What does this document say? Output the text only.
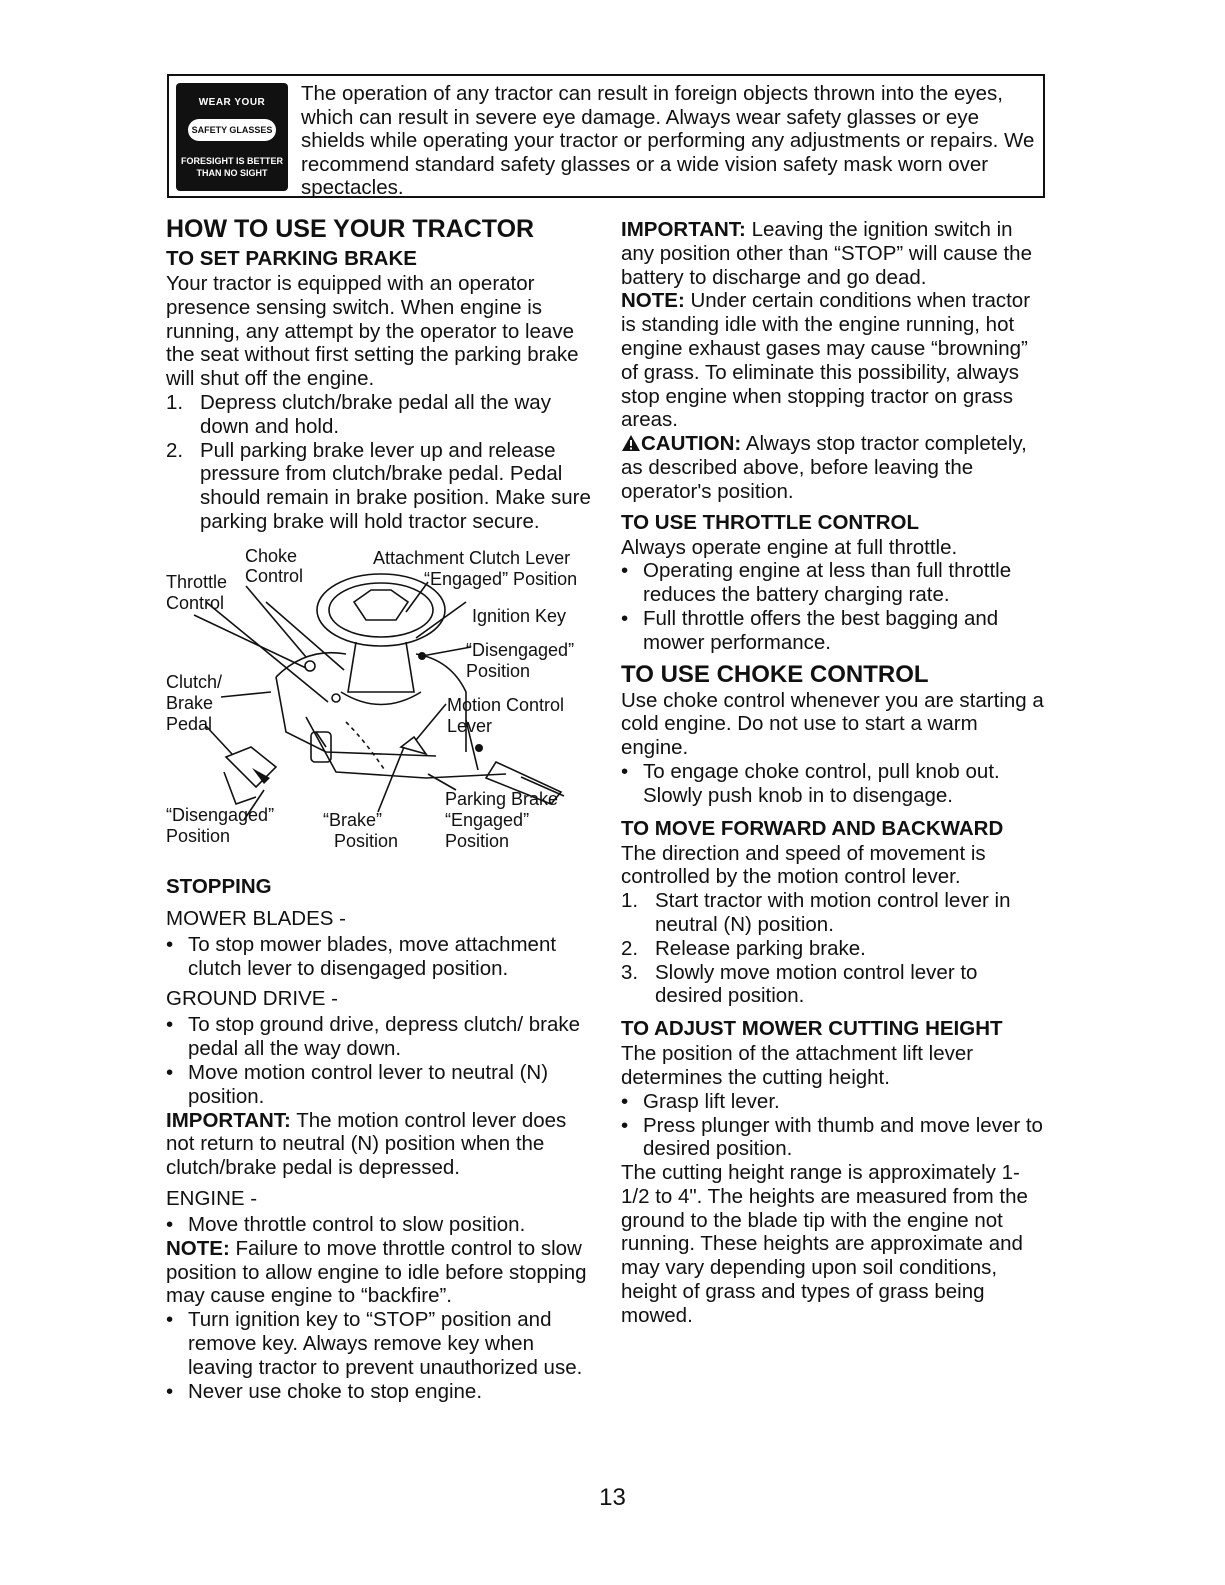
WEAR YOUR
SAFETY GLASSES
FORESIGHT IS BETTER
THAN NO SIGHT
The operation of any tractor can result in foreign objects thrown into the eyes, which can result in severe eye damage. Always wear safety glasses or eye shields while operating your tractor or performing any adjustments or repairs. We recommend standard safety glasses or a wide vision safety mask worn over spectacles.

HOW TO USE YOUR TRACTOR

TO SET PARKING BRAKE

Your tractor is equipped with an operator presence sensing switch. When engine is running, any attempt by the operator to leave the seat without first setting the parking brake will shut off the engine.

1. Depress clutch/brake pedal all the way down and hold.
2. Pull parking brake lever up and release pressure from clutch/brake pedal. Pedal should remain in brake position. Make sure parking brake will hold tractor secure.
Choke
Control
Throttle
Control
Attachment Clutch Lever
“Engaged” Position
Ignition Key
“Disengaged”
Position
Clutch/
Brake
Pedal
Motion Control
Lever
Parking Brake
“Engaged”
Position
“Brake”
Position
“Disengaged”
Position

STOPPING

MOWER BLADES -

• To stop mower blades, move attachment clutch lever to disengaged position.

GROUND DRIVE -

• To stop ground drive, depress clutch/ brake pedal all the way down.
• Move motion control lever to neutral (N) position.

IMPORTANT: The motion control lever does not return to neutral (N) position when the clutch/brake pedal is depressed.

ENGINE -

• Move throttle control to slow position.

NOTE: Failure to move throttle control to slow position to allow engine to idle before stopping may cause engine to “backfire”.

• Turn ignition key to “STOP” position and remove key. Always remove key when leaving tractor to prevent unauthorized use.
• Never use choke to stop engine.

IMPORTANT: Leaving the ignition switch in any position other than “STOP” will cause the battery to discharge and go dead.

NOTE: Under certain conditions when tractor is standing idle with the engine running, hot engine exhaust gases may cause “browning” of grass. To eliminate this possibility, always stop engine when stopping tractor on grass areas.

CAUTION: Always stop tractor completely, as described above, before leaving the operator's position.

TO USE THROTTLE CONTROL

Always operate engine at full throttle.

• Operating engine at less than full throttle reduces the battery charging rate.
• Full throttle offers the best bagging and mower performance.

TO USE CHOKE CONTROL

Use choke control whenever you are starting a cold engine. Do not use to start a warm engine.

• To engage choke control, pull knob out. Slowly push knob in to disengage.

TO MOVE FORWARD AND BACKWARD

The direction and speed of movement is controlled by the motion control lever.

1. Start tractor with motion control lever in neutral (N) position.
2. Release parking brake.
3. Slowly move motion control lever to desired position.

TO ADJUST MOWER CUTTING HEIGHT

The position of the attachment lift lever determines the cutting height.

• Grasp lift lever.
• Press plunger with thumb and move lever to desired position.

The cutting height range is approximately 1-1/2 to 4". The heights are measured from the ground to the blade tip with the engine not running. These heights are approximate and may vary depending upon soil conditions, height of grass and types of grass being mowed.

13
